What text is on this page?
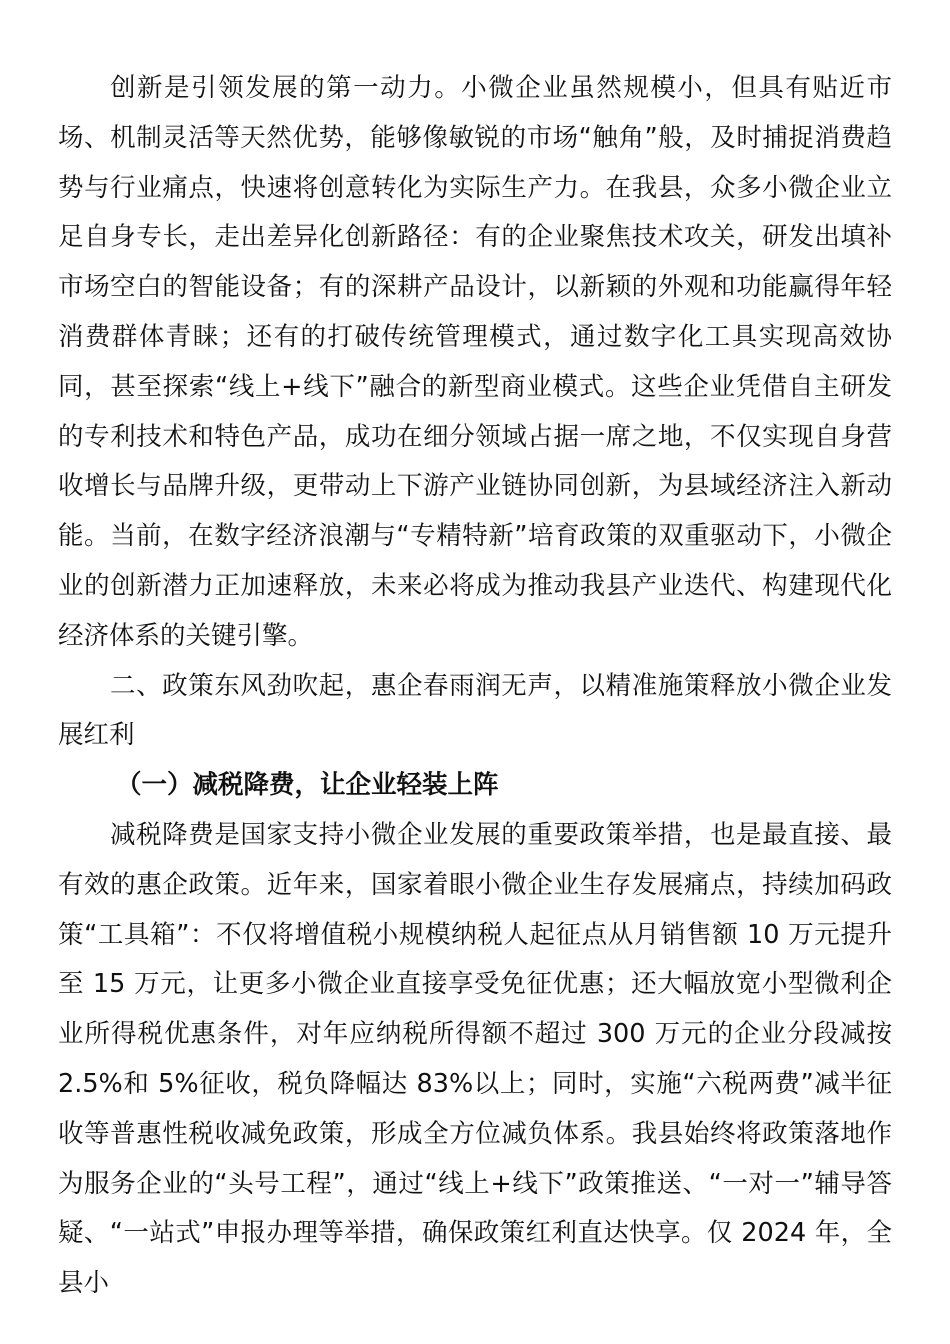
创新是引领发展的第一动力。小微企业虽然规模小，但具有贴近市场、机制灵活等天然优势，能够像敏锐的市场“触角”般，及时捕捉消费趋势与行业痛点，快速将创意转化为实际生产力。在我县，众多小微企业立足自身专长，走出差异化创新路径：有的企业聚焦技术攻关，研发出填补市场空白的智能设备；有的深耕产品设计，以新颖的外观和功能赢得年轻消费群体青睐；还有的打破传统管理模式，通过数字化工具实现高效协同，甚至探索“线上+线下”融合的新型商业模式。这些企业凭借自主研发的专利技术和特色产品，成功在细分领域占据一席之地，不仅实现自身营收增长与品牌升级，更带动上下游产业链协同创新，为县域经济注入新动能。当前，在数字经济浪潮与“专精特新”培育政策的双重驱动下，小微企业的创新潜力正加速释放，未来必将成为推动我县产业迭代、构建现代化经济体系的关键引擎。

二、政策东风劲吹起，惠企春雨润无声，以精准施策释放小微企业发展红利

（一）减税降费，让企业轻装上阵

减税降费是国家支持小微企业发展的重要政策举措，也是最直接、最有效的惠企政策。近年来，国家着眼小微企业生存发展痛点，持续加码政策“工具箱”：不仅将增值税小规模纳税人起征点从月销售额 10 万元提升至 15 万元，让更多小微企业直接享受免征优惠；还大幅放宽小型微利企业所得税优惠条件，对年应纳税所得额不超过 300 万元的企业分段减按 2.5%和 5%征收，税负降幅达 83%以上；同时，实施“六税两费”减半征收等普惠性税收减免政策，形成全方位减负体系。我县始终将政策落地作为服务企业的“头号工程”，通过“线上+线下”政策推送、“一对一”辅导答疑、“一站式”申报办理等举措，确保政策红利直达快享。仅 2024 年，全县小
